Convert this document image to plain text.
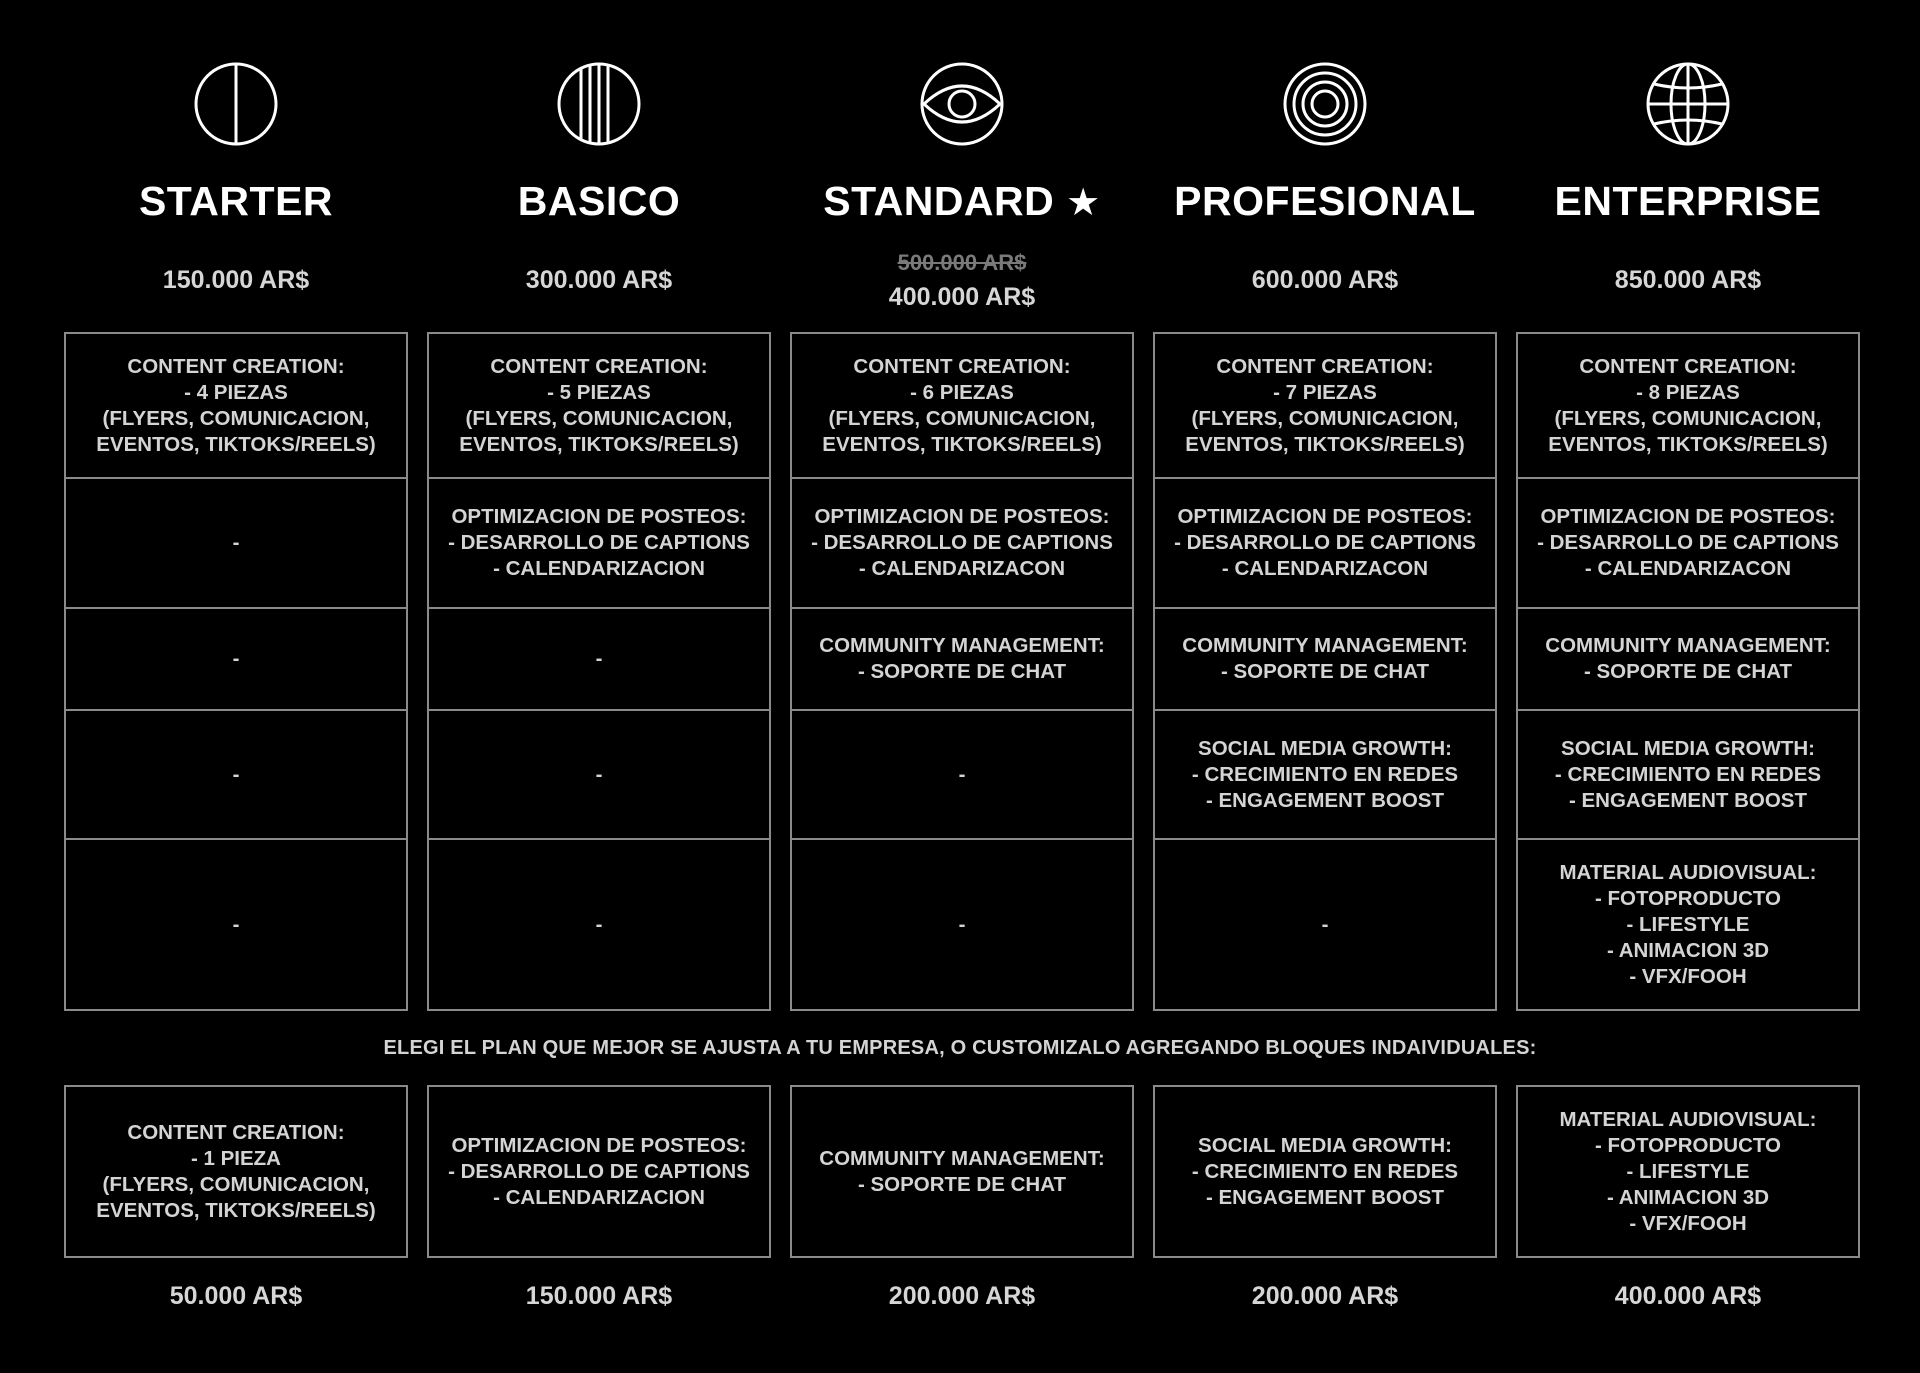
STARTER
150.000 AR$
CONTENT CREATION:
- 4 PIEZAS
(FLYERS, COMUNICACION,
EVENTOS, TIKTOKS/REELS)
-
-
-
-
BASICO
300.000 AR$
CONTENT CREATION:
- 5 PIEZAS
(FLYERS, COMUNICACION,
EVENTOS, TIKTOKS/REELS)
OPTIMIZACION DE POSTEOS:
- DESARROLLO DE CAPTIONS
- CALENDARIZACION
-
-
-
STANDARD ★
500.000 AR$
400.000 AR$
CONTENT CREATION:
- 6 PIEZAS
(FLYERS, COMUNICACION,
EVENTOS, TIKTOKS/REELS)
OPTIMIZACION DE POSTEOS:
- DESARROLLO DE CAPTIONS
- CALENDARIZACON
COMMUNITY MANAGEMENT:
- SOPORTE DE CHAT
-
-
PROFESIONAL
600.000 AR$
CONTENT CREATION:
- 7 PIEZAS
(FLYERS, COMUNICACION,
EVENTOS, TIKTOKS/REELS)
OPTIMIZACION DE POSTEOS:
- DESARROLLO DE CAPTIONS
- CALENDARIZACON
COMMUNITY MANAGEMENT:
- SOPORTE DE CHAT
SOCIAL MEDIA GROWTH:
- CRECIMIENTO EN REDES
- ENGAGEMENT BOOST
-
ENTERPRISE
850.000 AR$
CONTENT CREATION:
- 8 PIEZAS
(FLYERS, COMUNICACION,
EVENTOS, TIKTOKS/REELS)
OPTIMIZACION DE POSTEOS:
- DESARROLLO DE CAPTIONS
- CALENDARIZACON
COMMUNITY MANAGEMENT:
- SOPORTE DE CHAT
SOCIAL MEDIA GROWTH:
- CRECIMIENTO EN REDES
- ENGAGEMENT BOOST
MATERIAL AUDIOVISUAL:
- FOTOPRODUCTO
- LIFESTYLE
- ANIMACION 3D
- VFX/FOOH
ELEGI EL PLAN QUE MEJOR SE AJUSTA A TU EMPRESA, O CUSTOMIZALO AGREGANDO BLOQUES INDAIVIDUALES:
CONTENT CREATION:
- 1 PIEZA
(FLYERS, COMUNICACION,
EVENTOS, TIKTOKS/REELS)
50.000 AR$
OPTIMIZACION DE POSTEOS:
- DESARROLLO DE CAPTIONS
- CALENDARIZACION
150.000 AR$
COMMUNITY MANAGEMENT:
- SOPORTE DE CHAT
200.000 AR$
SOCIAL MEDIA GROWTH:
- CRECIMIENTO EN REDES
- ENGAGEMENT BOOST
200.000 AR$
MATERIAL AUDIOVISUAL:
- FOTOPRODUCTO
- LIFESTYLE
- ANIMACION 3D
- VFX/FOOH
400.000 AR$
